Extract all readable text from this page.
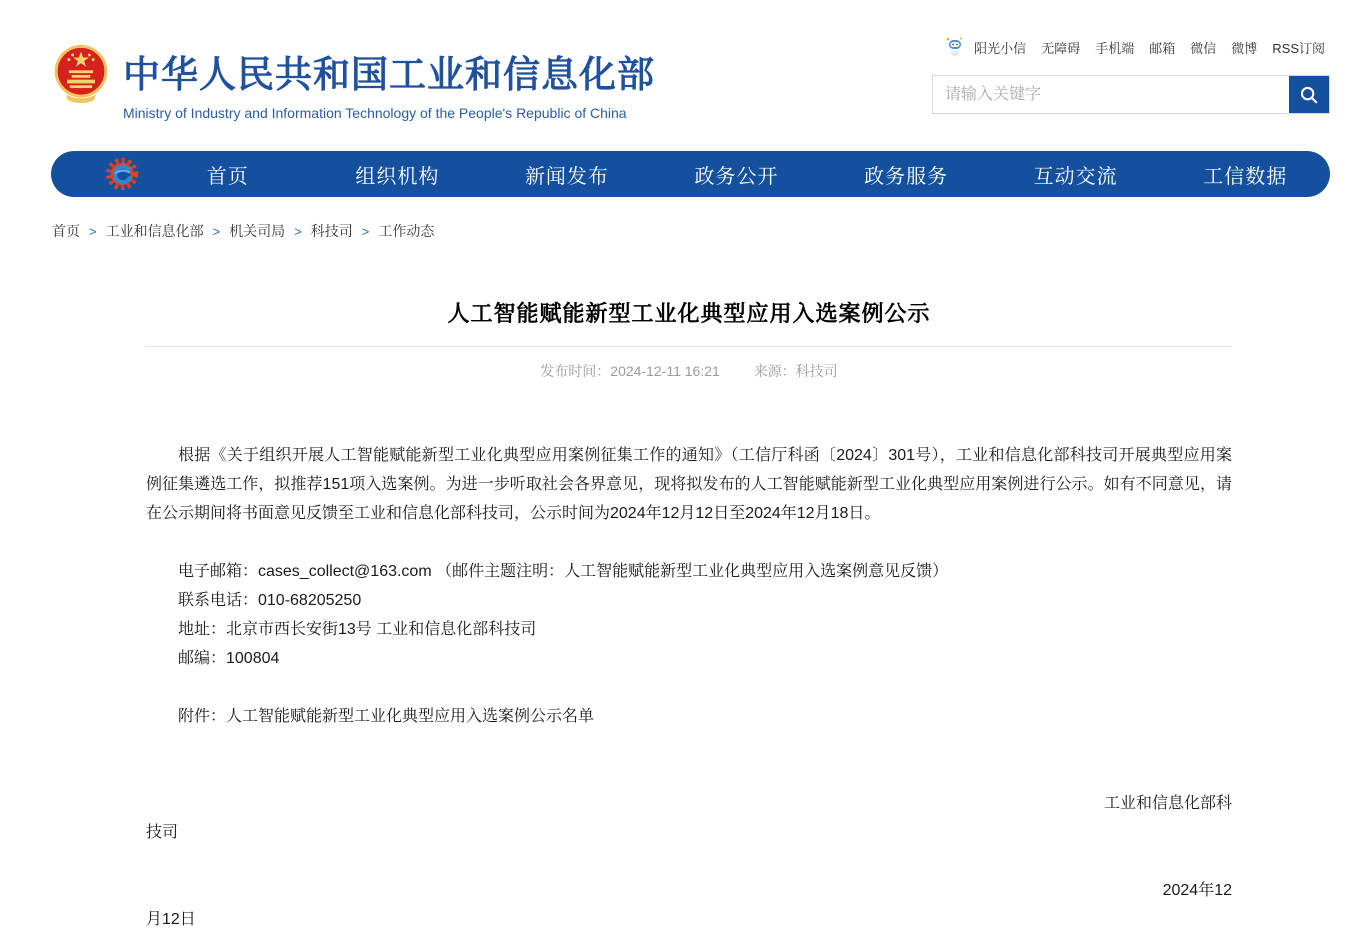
中华人民共和国工业和信息化部
Ministry of Industry and Information Technology of the People's Republic of China
阳光小信 无障碍 手机端 邮箱 微信 微博 RSS订阅
请输入关键字
首页	组织机构	新闻发布	政务公开	政务服务	互动交流	工信数据
首页 > 工业和信息化部 > 机关司局 > 科技司 > 工作动态
人工智能赋能新型工业化典型应用入选案例公示
发布时间：2024-12-11 16:21 来源：科技司

根据《关于组织开展人工智能赋能新型工业化典型应用案例征集工作的通知》（工信厅科函〔2024〕301号），工业和信息化部科技司开展典型应用案例征集遴选工作，拟推荐151项入选案例。为进一步听取社会各界意见，现将拟发布的人工智能赋能新型工业化典型应用案例进行公示。如有不同意见，请在公示期间将书面意见反馈至工业和信息化部科技司，公示时间为2024年12月12日至2024年12月18日。

电子邮箱：cases_collect@163.com （邮件主题注明：人工智能赋能新型工业化典型应用入选案例意见反馈）

联系电话：010-68205250

地址：北京市西长安街13号 工业和信息化部科技司

邮编：100804

附件：人工智能赋能新型工业化典型应用入选案例公示名单

工业和信息化部科

技司

2024年12

月12日
